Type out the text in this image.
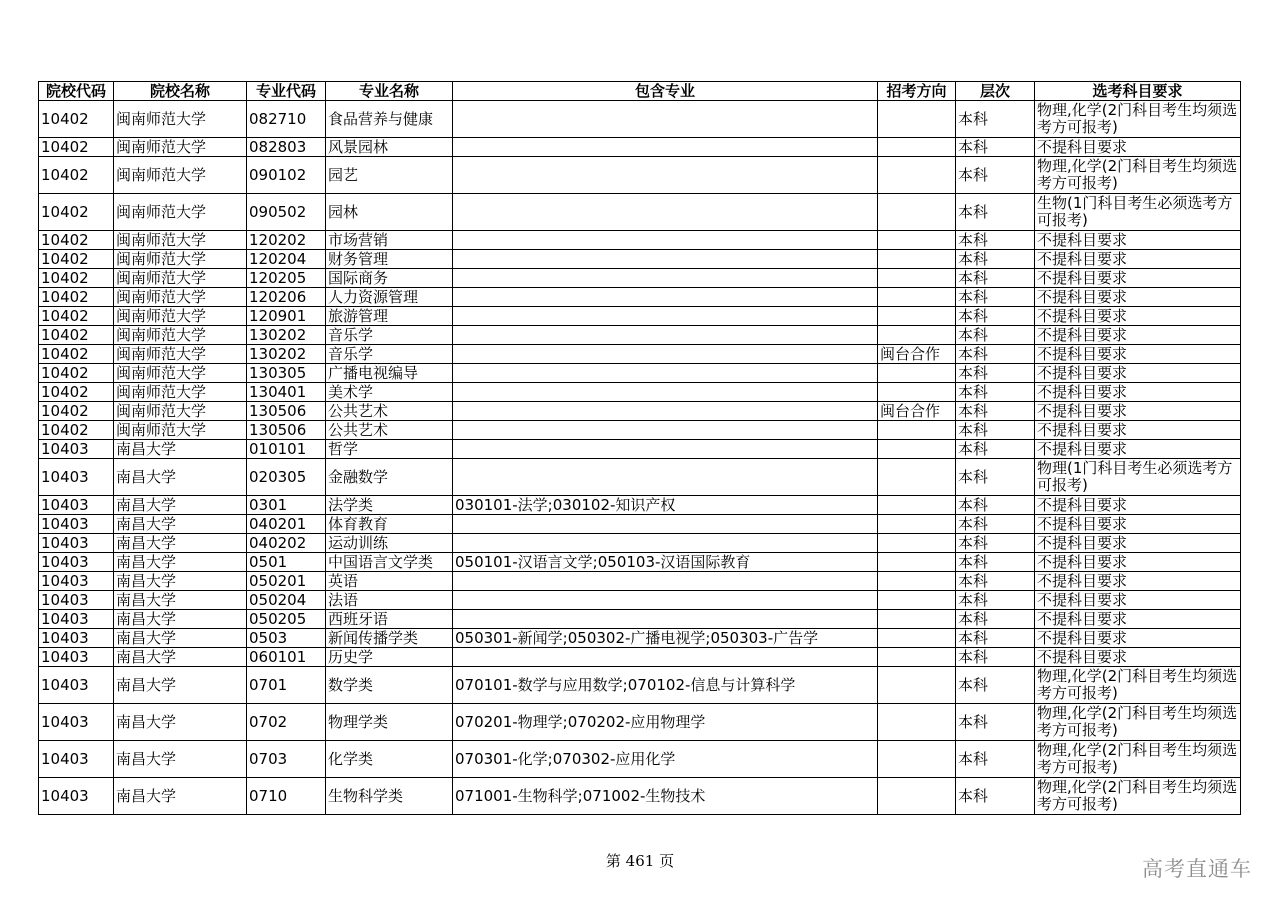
院校代码	院校名称	专业代码	专业名称	包含专业	招考方向	层次	选考科目要求
10402	闽南师范大学	082710	食品营养与健康			本科	物理,化学(2门科目考生均须选考方可报考)
10402	闽南师范大学	082803	风景园林			本科	不提科目要求
10402	闽南师范大学	090102	园艺			本科	物理,化学(2门科目考生均须选考方可报考)
10402	闽南师范大学	090502	园林			本科	生物(1门科目考生必须选考方可报考)
10402	闽南师范大学	120202	市场营销			本科	不提科目要求
10402	闽南师范大学	120204	财务管理			本科	不提科目要求
10402	闽南师范大学	120205	国际商务			本科	不提科目要求
10402	闽南师范大学	120206	人力资源管理			本科	不提科目要求
10402	闽南师范大学	120901	旅游管理			本科	不提科目要求
10402	闽南师范大学	130202	音乐学			本科	不提科目要求
10402	闽南师范大学	130202	音乐学		闽台合作	本科	不提科目要求
10402	闽南师范大学	130305	广播电视编导			本科	不提科目要求
10402	闽南师范大学	130401	美术学			本科	不提科目要求
10402	闽南师范大学	130506	公共艺术		闽台合作	本科	不提科目要求
10402	闽南师范大学	130506	公共艺术			本科	不提科目要求
10403	南昌大学	010101	哲学			本科	不提科目要求
10403	南昌大学	020305	金融数学			本科	物理(1门科目考生必须选考方可报考)
10403	南昌大学	0301	法学类	030101-法学;030102-知识产权		本科	不提科目要求
10403	南昌大学	040201	体育教育			本科	不提科目要求
10403	南昌大学	040202	运动训练			本科	不提科目要求
10403	南昌大学	0501	中国语言文学类	050101-汉语言文学;050103-汉语国际教育		本科	不提科目要求
10403	南昌大学	050201	英语			本科	不提科目要求
10403	南昌大学	050204	法语			本科	不提科目要求
10403	南昌大学	050205	西班牙语			本科	不提科目要求
10403	南昌大学	0503	新闻传播学类	050301-新闻学;050302-广播电视学;050303-广告学		本科	不提科目要求
10403	南昌大学	060101	历史学			本科	不提科目要求
10403	南昌大学	0701	数学类	070101-数学与应用数学;070102-信息与计算科学		本科	物理,化学(2门科目考生均须选考方可报考)
10403	南昌大学	0702	物理学类	070201-物理学;070202-应用物理学		本科	物理,化学(2门科目考生均须选考方可报考)
10403	南昌大学	0703	化学类	070301-化学;070302-应用化学		本科	物理,化学(2门科目考生均须选考方可报考)
10403	南昌大学	0710	生物科学类	071001-生物科学;071002-生物技术		本科	物理,化学(2门科目考生均须选考方可报考)
第 461 页	高考直通车
